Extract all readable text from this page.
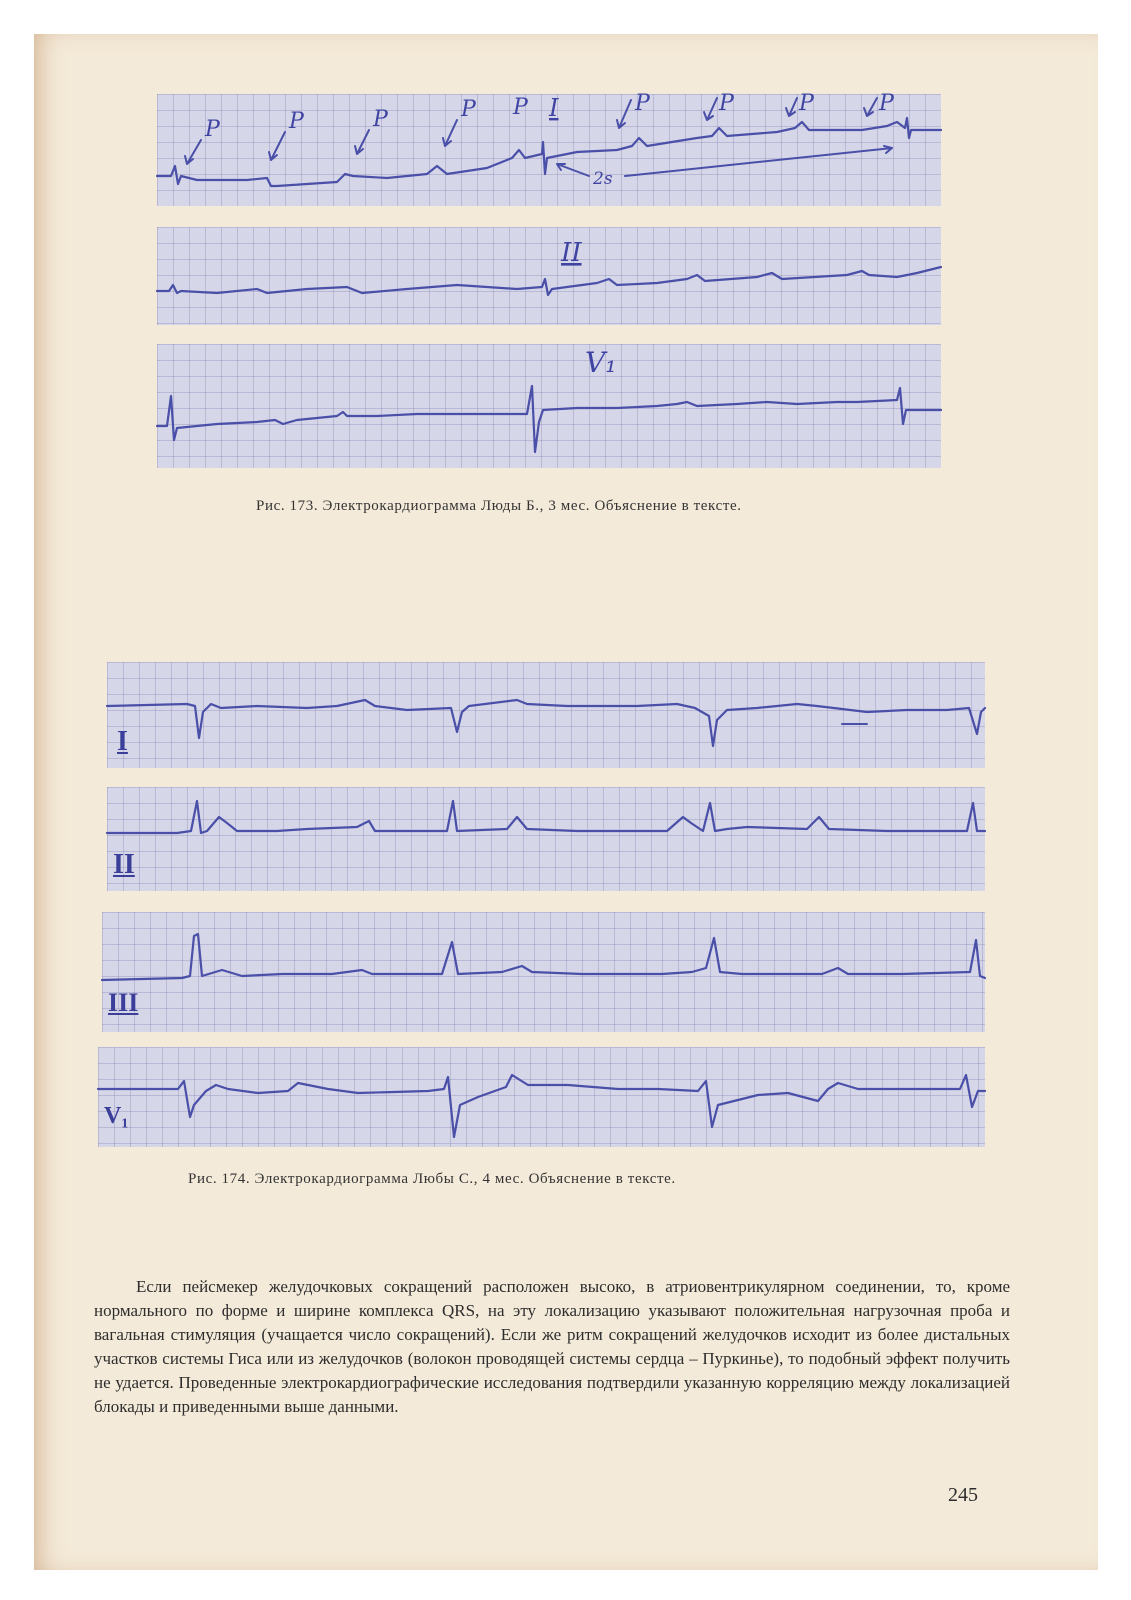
P	P	P	P P I	P	P	P	P
2s
II
V₁
Рис. 173. Электрокардиограмма Люды Б., 3 мес. Объяснение в тексте.
I
II
III
V₁
Рис. 174. Электрокардиограмма Любы С., 4 мес. Объяснение в тексте.

Если пейсмекер желудочковых сокращений расположен высоко, в атриовентрикулярном соединении, то, кроме нормального по форме и ширине комплекса QRS, на эту локализацию указывают положительная нагрузочная проба и вагальная стимуляция (учащается число сокращений). Если же ритм сокращений желудочков исходит из более дистальных участков системы Гиса или из желудочков (волокон проводящей системы сердца – Пуркинье), то подобный эффект получить не удается. Проведенные электрокардиографические исследования подтвердили указанную корреляцию между локализацией блокады и приведенными выше данными.

245
